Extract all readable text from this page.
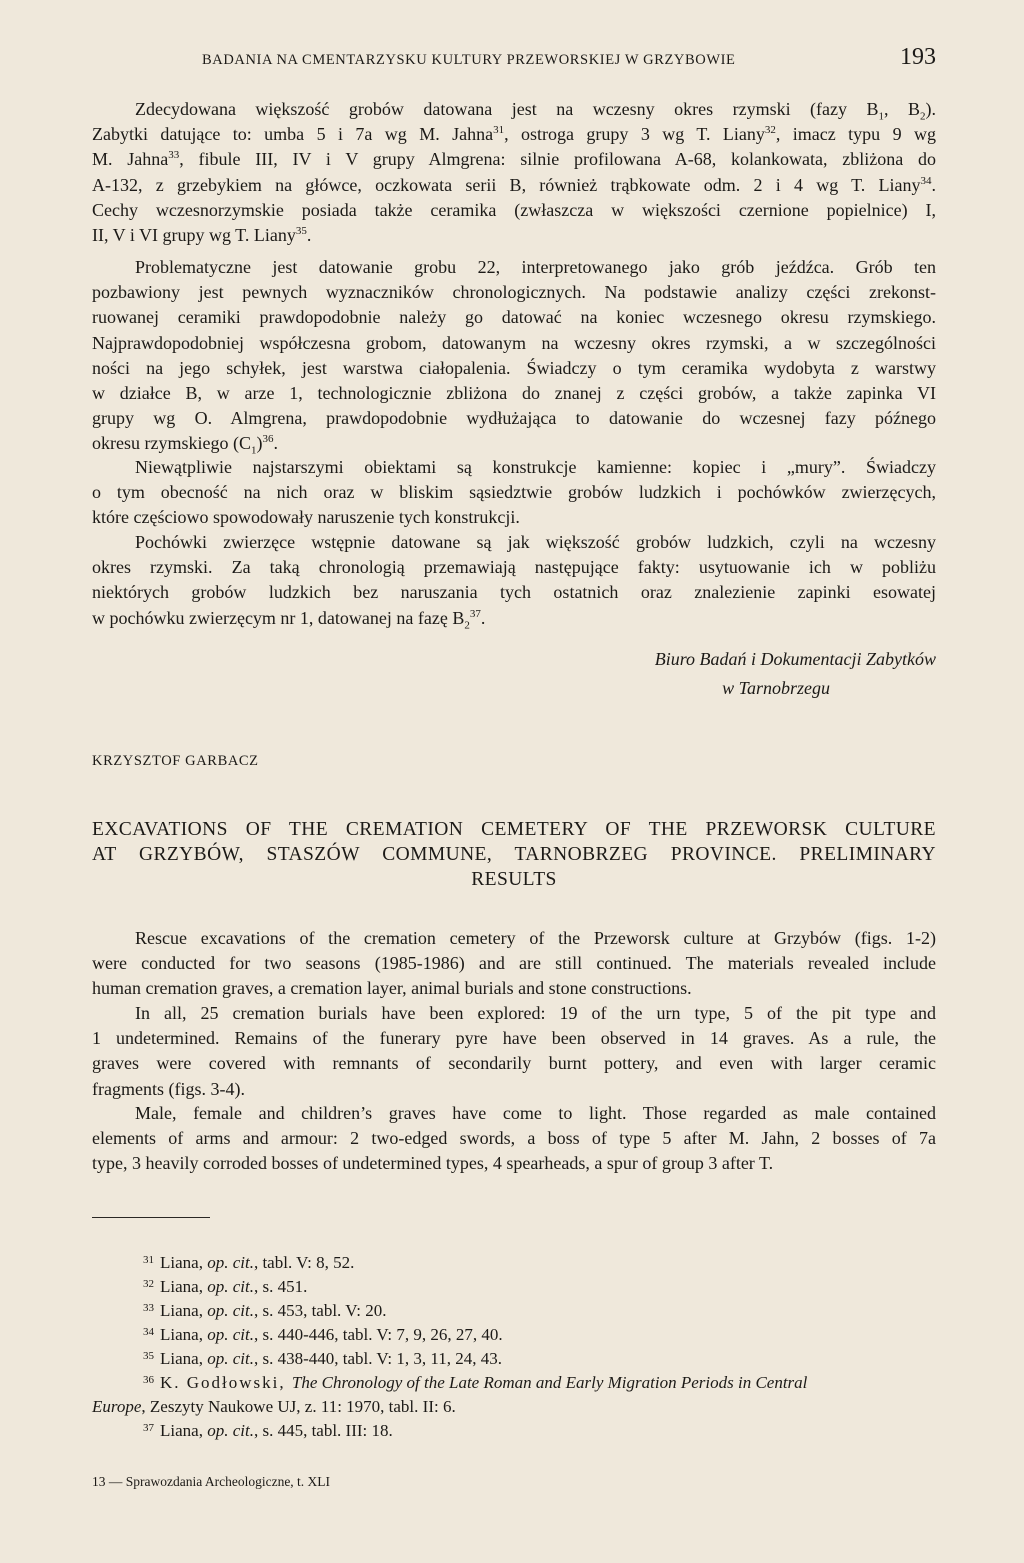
BADANIA NA CMENTARZYSKU KULTURY PRZEWORSKIEJ W GRZYBOWIE	193
Zdecydowana większość grobów datowana jest na wczesny okres rzymski (fazy $B_1$, $B_2$).
Zabytki datujące to: umba 5 i 7a wg M. Jahna$^{31}$, ostroga grupy 3 wg T. Liany$^{32}$, imacz typu 9 wg
M. Jahna$^{33}$, fibule III, IV i V grupy Almgrena: silnie profilowana A-68, kolankowata, zbliżona do
A-132, z grzebykiem na główce, oczkowata serii B, również trąbkowate odm. 2 i 4 wg T. Liany$^{34}$.
Cechy wczesnorzymskie posiada także ceramika (zwłaszcza w większości czernione popielnice) I,
II, V i VI grupy wg T. Liany$^{35}$.
Problematyczne jest datowanie grobu 22, interpretowanego jako grób jeźdźca. Grób ten
pozbawiony jest pewnych wyznaczników chronologicznych. Na podstawie analizy części zrekonst-
ruowanej ceramiki prawdopodobnie należy go datować na koniec wczesnego okresu rzymskiego.
Najprawdopodobniej współczesna grobom, datowanym na wczesny okres rzymski, a w szczególności
ności na jego schyłek, jest warstwa ciałopalenia. Świadczy o tym ceramika wydobyta z warstwy
w działce B, w arze 1, technologicznie zbliżona do znanej z części grobów, a także zapinka VI
grupy wg O. Almgrena, prawdopodobnie wydłużająca to datowanie do wczesnej fazy późnego
okresu rzymskiego $(C_1)^{36}$.
Niewątpliwie najstarszymi obiektami są konstrukcje kamienne: kopiec i „mury”. Świadczy
o tym obecność na nich oraz w bliskim sąsiedztwie grobów ludzkich i pochówków zwierzęcych,
które częściowo spowodowały naruszenie tych konstrukcji.
Pochówki zwierzęce wstępnie datowane są jak większość grobów ludzkich, czyli na wczesny
okres rzymski. Za taką chronologią przemawiają następujące fakty: usytuowanie ich w pobliżu
niektórych grobów ludzkich bez naruszania tych ostatnich oraz znalezienie zapinki esowatej
w pochówku zwierzęcym nr 1, datowanej na fazę $B_2^{37}$.
Biuro Badań i Dokumentacji Zabytków
w Tarnobrzegu
KRZYSZTOF GARBACZ
EXCAVATIONS OF THE CREMATION CEMETERY OF THE PRZEWORSK CULTURE
AT GRZYBÓW, STASZÓW COMMUNE, TARNOBRZEG PROVINCE. PRELIMINARY
RESULTS
Rescue excavations of the cremation cemetery of the Przeworsk culture at Grzybów (figs. 1-2)
were conducted for two seasons (1985-1986) and are still continued. The materials revealed include
human cremation graves, a cremation layer, animal burials and stone constructions.
In all, 25 cremation burials have been explored: 19 of the urn type, 5 of the pit type and
1 undetermined. Remains of the funerary pyre have been observed in 14 graves. As a rule, the
graves were covered with remnants of secondarily burnt pottery, and even with larger ceramic
fragments (figs. 3-4).
Male, female and children’s graves have come to light. Those regarded as male contained
elements of arms and armour: 2 two-edged swords, a boss of type 5 after M. Jahn, 2 bosses of 7a
type, 3 heavily corroded bosses of undetermined types, 4 spearheads, a spur of group 3 after T.
31 Liana, op. cit., tabl. V: 8, 52.
32 Liana, op. cit., s. 451.
33 Liana, op. cit., s. 453, tabl. V: 20.
34 Liana, op. cit., s. 440-446, tabl. V: 7, 9, 26, 27, 40.
35 Liana, op. cit., s. 438-440, tabl. V: 1, 3, 11, 24, 43.
36 K. Godłowski, The Chronology of the Late Roman and Early Migration Periods in Central
Europe, Zeszyty Naukowe UJ, z. 11: 1970, tabl. II: 6.
37 Liana, op. cit., s. 445, tabl. III: 18.
13 — Sprawozdania Archeologiczne, t. XLI
